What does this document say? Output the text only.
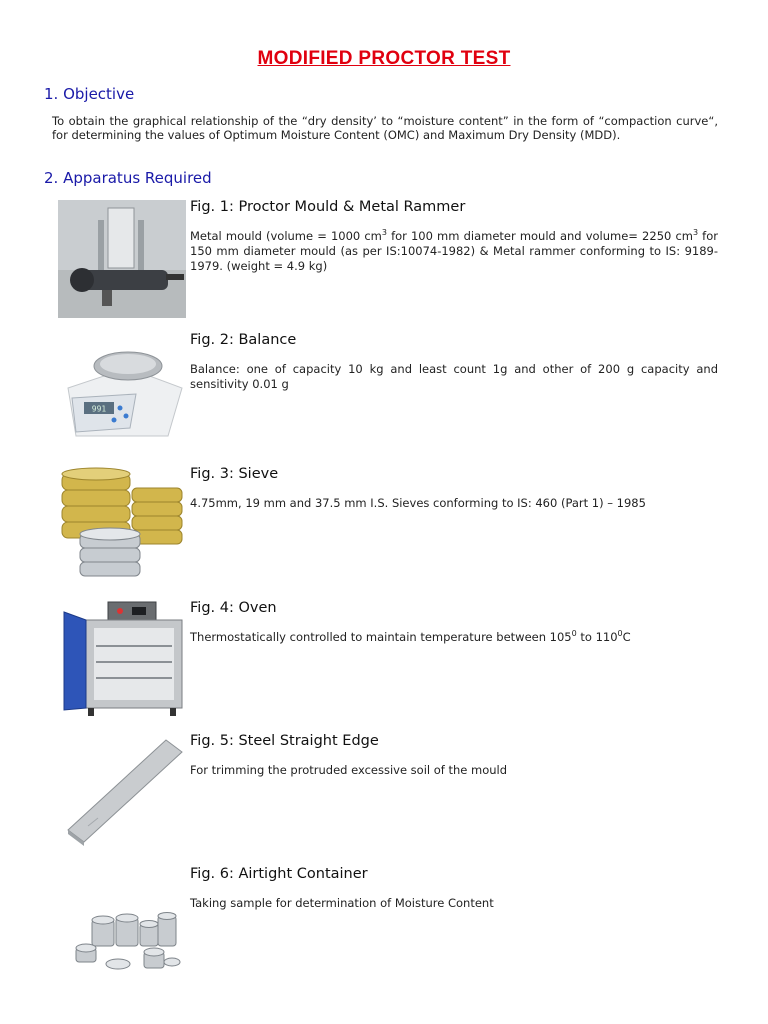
MODIFIED PROCTOR TEST
1. Objective
To obtain the graphical relationship of the “dry density’ to “moisture content” in the form of “compaction curve“, for determining the values of Optimum Moisture Content (OMC) and Maximum Dry Density (MDD).
2. Apparatus Required
Fig. 1: Proctor Mould & Metal Rammer
Metal mould (volume = 1000 $cm^3$ for 100 mm diameter mould and volume= 2250 $cm^3$ for 150 mm diameter mould (as per IS:10074-1982) & Metal rammer conforming to IS: 9189-1979. (weight = 4.9 kg)
991
Fig. 2: Balance
Balance: one of capacity 10 kg and least count 1g and other of 200 g capacity and sensitivity 0.01 g
Fig. 3: Sieve
4.75mm, 19 mm and 37.5 mm I.S. Sieves conforming to IS: 460 (Part 1) – 1985
Fig. 4: Oven
Thermostatically controlled to maintain temperature between $105^0$ to $110^0C$
Fig. 5: Steel Straight Edge
For trimming the protruded excessive soil of the mould
Fig. 6: Airtight Container
Taking sample for determination of Moisture Content
